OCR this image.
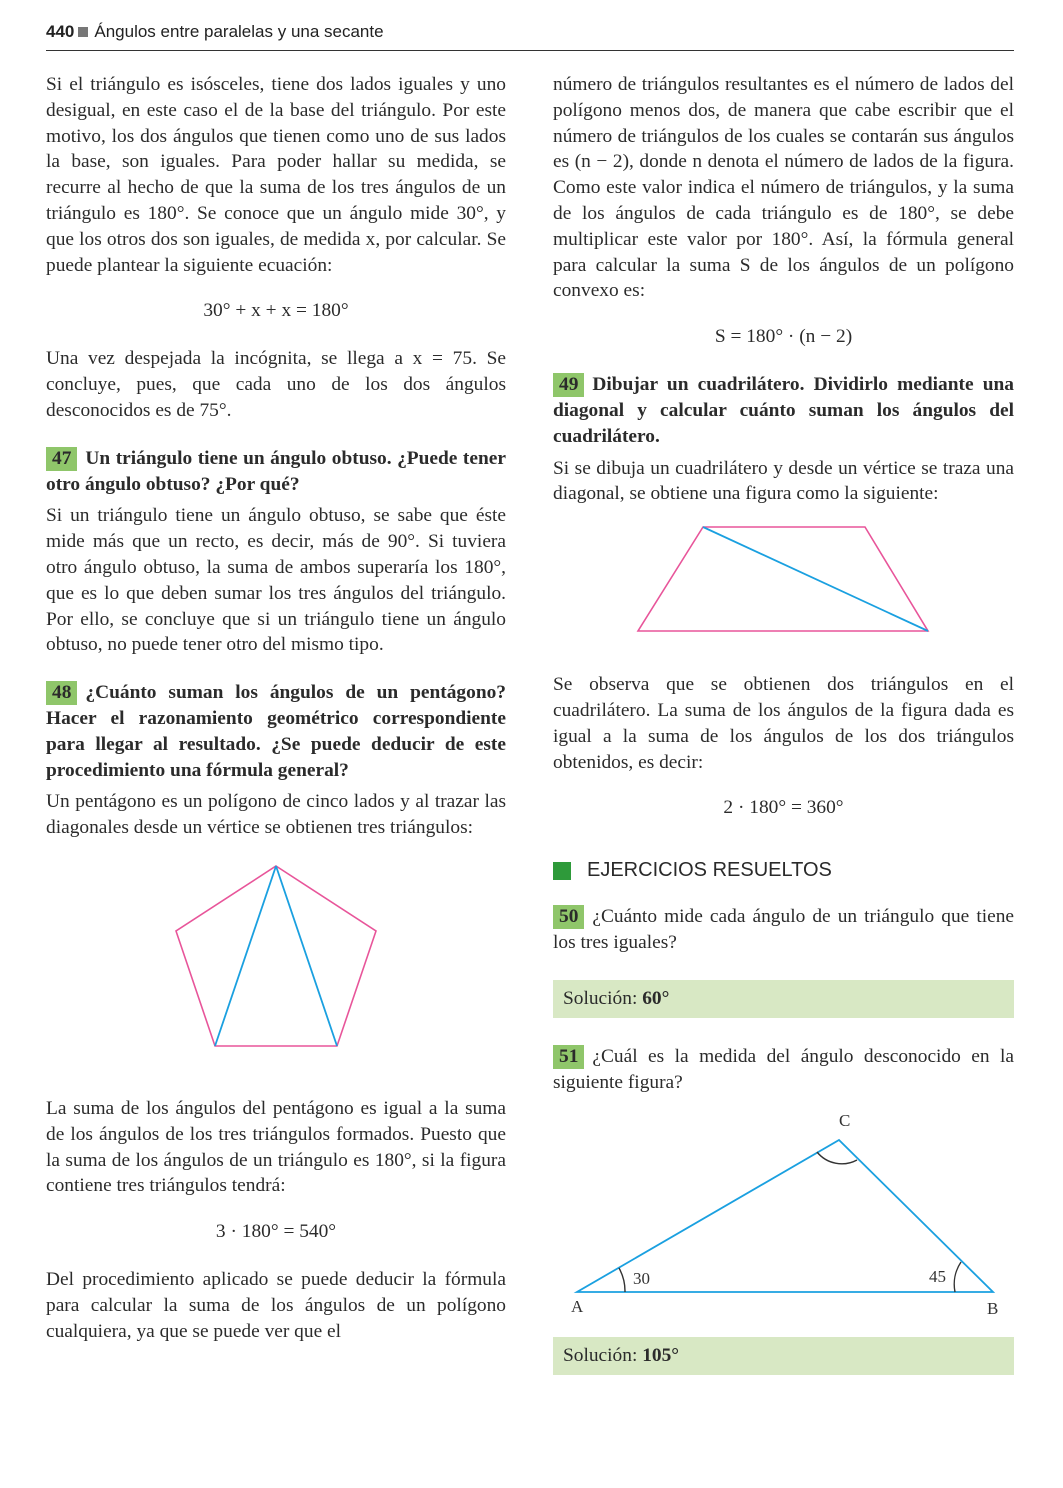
440 Ángulos entre paralelas y una secante

Si el triángulo es isósceles, tiene dos lados iguales y uno desigual, en este caso el de la base del triángulo. Por este motivo, los dos ángulos que tienen como uno de sus lados la base, son iguales. Para poder hallar su medida, se recurre al hecho de que la suma de los tres ángulos de un triángulo es 180°. Se conoce que un ángulo mide 30°, y que los otros dos son iguales, de medida x, por calcular. Se puede plantear la siguiente ecuación:

30° + x + x = 180°

Una vez despejada la incógnita, se llega a x = 75. Se concluye, pues, que cada uno de los dos ángulos desconocidos es de 75°.

47 Un triángulo tiene un ángulo obtuso. ¿Puede tener otro ángulo obtuso? ¿Por qué?

Si un triángulo tiene un ángulo obtuso, se sabe que éste mide más que un recto, es decir, más de 90°. Si tuviera otro ángulo obtuso, la suma de ambos superaría los 180°, que es lo que deben sumar los tres ángulos del triángulo. Por ello, se concluye que si un triángulo tiene un ángulo obtuso, no puede tener otro del mismo tipo.

48 ¿Cuánto suman los ángulos de un pentágono? Hacer el razonamiento geométrico correspondiente para llegar al resultado. ¿Se puede deducir de este procedimiento una fórmula general?

Un pentágono es un polígono de cinco lados y al trazar las diagonales desde un vértice se obtienen tres triángulos:

La suma de los ángulos del pentágono es igual a la suma de los ángulos de los tres triángulos formados. Puesto que la suma de los ángulos de un triángulo es 180°, si la figura contiene tres triángulos tendrá:

3 · 180° = 540°

Del procedimiento aplicado se puede deducir la fórmula para calcular la suma de los ángulos de un polígono cualquiera, ya que se puede ver que el

número de triángulos resultantes es el número de lados del polígono menos dos, de manera que cabe escribir que el número de triángulos de los cuales se contarán sus ángulos es (n − 2), donde n denota el número de lados de la figura. Como este valor indica el número de triángulos, y la suma de los ángulos de cada triángulo es de 180°, se debe multiplicar este valor por 180°. Así, la fórmula general para calcular la suma S de los ángulos de un polígono convexo es:

S = 180° · (n − 2)

49 Dibujar un cuadrilátero. Dividirlo mediante una diagonal y calcular cuánto suman los ángulos del cuadrilátero.

Si se dibuja un cuadrilátero y desde un vértice se traza una diagonal, se obtiene una figura como la siguiente:

Se observa que se obtienen dos triángulos en el cuadrilátero. La suma de los ángulos de la figura dada es igual a la suma de los ángulos de los dos triángulos obtenidos, es decir:

2 · 180° = 360°
EJERCICIOS RESUELTOS

50 ¿Cuánto mide cada ángulo de un triángulo que tiene los tres iguales?

Solución: 60°

51 ¿Cuál es la medida del ángulo desconocido en la siguiente figura?

A	B
C
30	45
Solución: 105°
